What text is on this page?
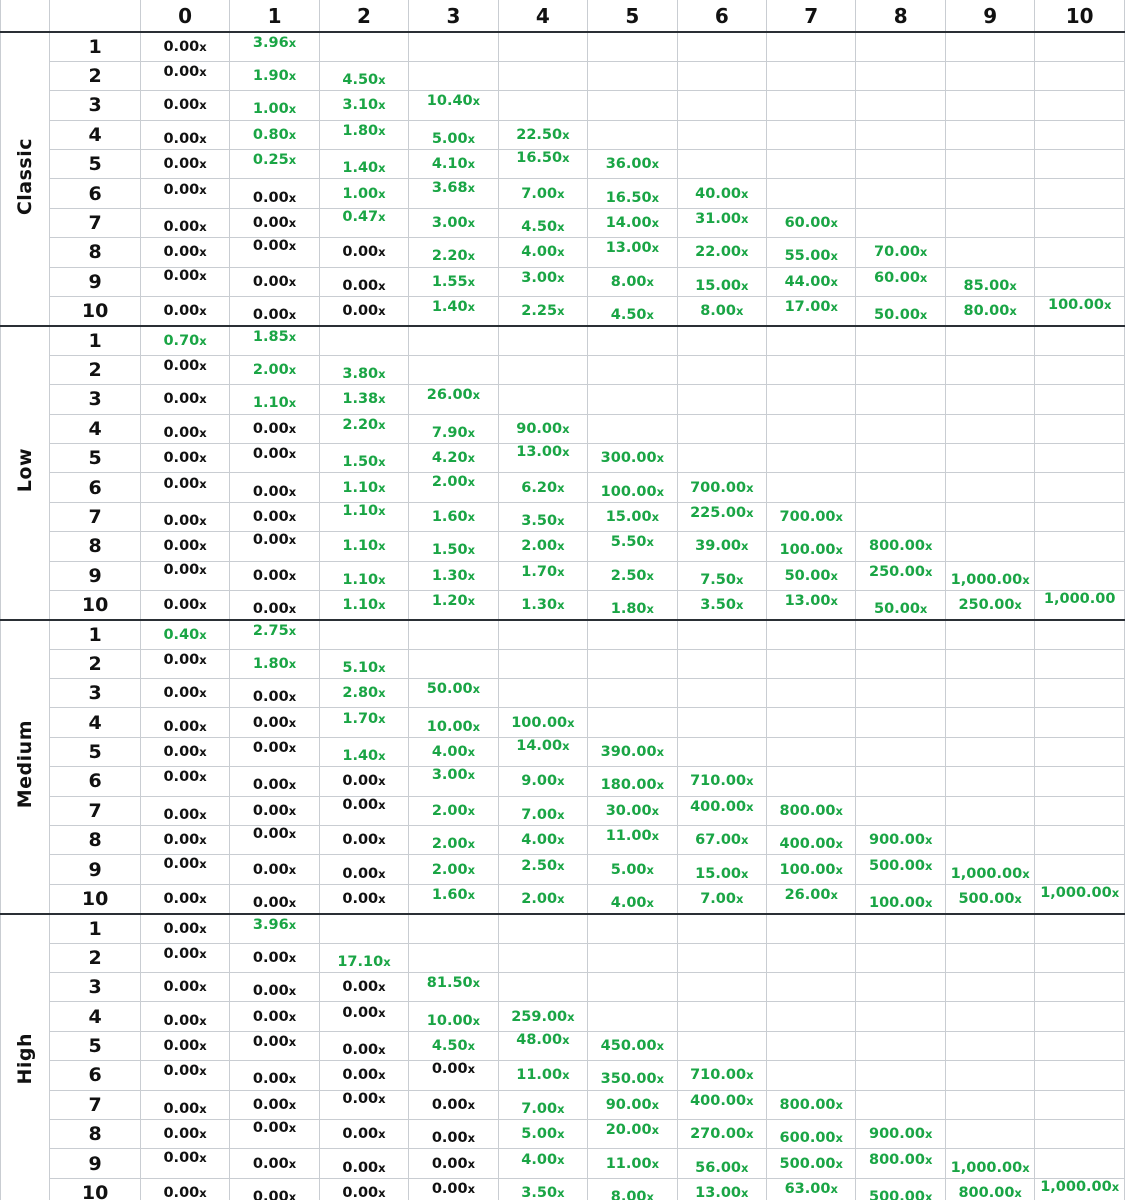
		0	1	2	3	4	5	6	7	8	9	10
Classic	1	0.00x	3.96x									
	2	0.00x	1.90x	4.50x								
	3	0.00x	1.00x	3.10x	10.40x							
	4	0.00x	0.80x	1.80x	5.00x	22.50x						
	5	0.00x	0.25x	1.40x	4.10x	16.50x	36.00x					
	6	0.00x	0.00x	1.00x	3.68x	7.00x	16.50x	40.00x				
	7	0.00x	0.00x	0.47x	3.00x	4.50x	14.00x	31.00x	60.00x			
	8	0.00x	0.00x	0.00x	2.20x	4.00x	13.00x	22.00x	55.00x	70.00x		
	9	0.00x	0.00x	0.00x	1.55x	3.00x	8.00x	15.00x	44.00x	60.00x	85.00x	
	10	0.00x	0.00x	0.00x	1.40x	2.25x	4.50x	8.00x	17.00x	50.00x	80.00x	100.00x
Low	1	0.70x	1.85x									
	2	0.00x	2.00x	3.80x								
	3	0.00x	1.10x	1.38x	26.00x							
	4	0.00x	0.00x	2.20x	7.90x	90.00x						
	5	0.00x	0.00x	1.50x	4.20x	13.00x	300.00x					
	6	0.00x	0.00x	1.10x	2.00x	6.20x	100.00x	700.00x				
	7	0.00x	0.00x	1.10x	1.60x	3.50x	15.00x	225.00x	700.00x			
	8	0.00x	0.00x	1.10x	1.50x	2.00x	5.50x	39.00x	100.00x	800.00x		
	9	0.00x	0.00x	1.10x	1.30x	1.70x	2.50x	7.50x	50.00x	250.00x	1,000.00x	
	10	0.00x	0.00x	1.10x	1.20x	1.30x	1.80x	3.50x	13.00x	50.00x	250.00x	1,000.00
Medium	1	0.40x	2.75x									
	2	0.00x	1.80x	5.10x								
	3	0.00x	0.00x	2.80x	50.00x							
	4	0.00x	0.00x	1.70x	10.00x	100.00x						
	5	0.00x	0.00x	1.40x	4.00x	14.00x	390.00x					
	6	0.00x	0.00x	0.00x	3.00x	9.00x	180.00x	710.00x				
	7	0.00x	0.00x	0.00x	2.00x	7.00x	30.00x	400.00x	800.00x			
	8	0.00x	0.00x	0.00x	2.00x	4.00x	11.00x	67.00x	400.00x	900.00x		
	9	0.00x	0.00x	0.00x	2.00x	2.50x	5.00x	15.00x	100.00x	500.00x	1,000.00x	
	10	0.00x	0.00x	0.00x	1.60x	2.00x	4.00x	7.00x	26.00x	100.00x	500.00x	1,000.00x
High	1	0.00x	3.96x									
	2	0.00x	0.00x	17.10x								
	3	0.00x	0.00x	0.00x	81.50x							
	4	0.00x	0.00x	0.00x	10.00x	259.00x						
	5	0.00x	0.00x	0.00x	4.50x	48.00x	450.00x					
	6	0.00x	0.00x	0.00x	0.00x	11.00x	350.00x	710.00x				
	7	0.00x	0.00x	0.00x	0.00x	7.00x	90.00x	400.00x	800.00x			
	8	0.00x	0.00x	0.00x	0.00x	5.00x	20.00x	270.00x	600.00x	900.00x		
	9	0.00x	0.00x	0.00x	0.00x	4.00x	11.00x	56.00x	500.00x	800.00x	1,000.00x	
	10	0.00x	0.00x	0.00x	0.00x	3.50x	8.00x	13.00x	63.00x	500.00x	800.00x	1,000.00x
